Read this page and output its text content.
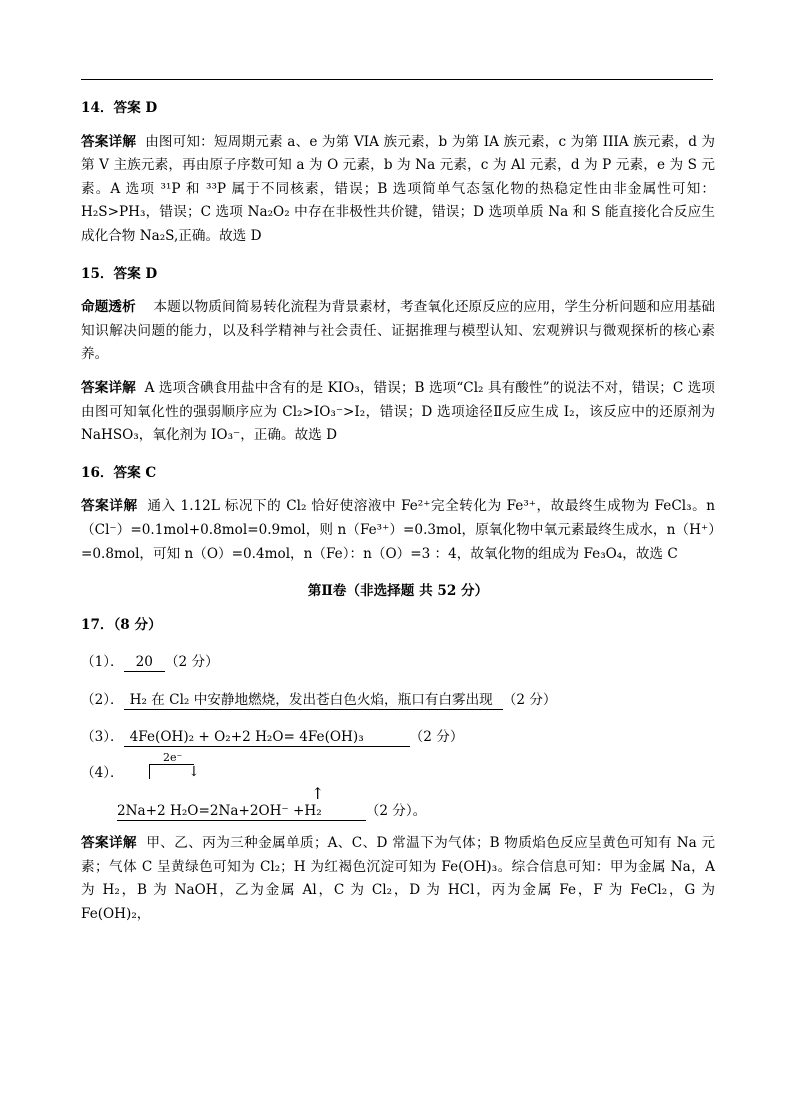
14．答案 D

答案详解 由图可知：短周期元素 a、e 为第 VIA 族元素，b 为第 IA 族元素，c 为第 IIIA 族元素，d 为第 V 主族元素，再由原子序数可知 a 为 O 元素，b 为 Na 元素，c 为 Al 元素，d 为 P 元素，e 为 S 元素。A 选项 ³¹P 和 ³³P 属于不同核素，错误；B 选项简单气态氢化物的热稳定性由非金属性可知：H₂S>PH₃，错误；C 选项 Na₂O₂ 中存在非极性共价键，错误；D 选项单质 Na 和 S 能直接化合反应生成化合物 Na₂S,正确。故选 D

15．答案 D

命题透析 本题以物质间简易转化流程为背景素材，考查氧化还原反应的应用，学生分析问题和应用基础知识解决问题的能力，以及科学精神与社会责任、证据推理与模型认知、宏观辨识与微观探析的核心素养。

答案详解 A 选项含碘食用盐中含有的是 KIO₃，错误；B 选项“Cl₂ 具有酸性”的说法不对，错误；C 选项由图可知氧化性的强弱顺序应为 Cl₂>IO₃⁻>I₂，错误；D 选项途径Ⅱ反应生成 I₂，该反应中的还原剂为 NaHSO₃，氧化剂为 IO₃⁻，正确。故选 D

16．答案 C

答案详解 通入 1.12L 标况下的 Cl₂ 恰好使溶液中 Fe²⁺完全转化为 Fe³⁺，故最终生成物为 FeCl₃。n（Cl⁻）=0.1mol+0.8mol=0.9mol，则 n（Fe³⁺）=0.3mol，原氧化物中氧元素最终生成水，n（H⁺）=0.8mol，可知 n（O）=0.4mol，n（Fe）：n（O）=3 ：4，故氧化物的组成为 Fe₃O₄，故选 C

第Ⅱ卷（非选择题 共 52 分）

17．（8 分）

（1）． 20 （2 分）

（2）． H₂ 在 Cl₂ 中安静地燃烧，发出苍白色火焰，瓶口有白雾出现 （2 分）

（3）． 4Fe(OH)₂ + O₂+2 H₂O= 4Fe(OH)₃	（2 分）

（4）．
2e⁻
↓
↑
2Na+2 H₂O=2Na+2OH⁻ +H₂	（2 分）。

答案详解 甲、乙、丙为三种金属单质；A、C、D 常温下为气体；B 物质焰色反应呈黄色可知有 Na 元素；气体 C 呈黄绿色可知为 Cl₂；H 为红褐色沉淀可知为 Fe(OH)₃。综合信息可知：甲为金属 Na，A 为 H₂，B 为 NaOH，乙为金属 Al，C 为 Cl₂，D 为 HCl，丙为金属 Fe，F 为 FeCl₂，G 为 Fe(OH)₂，
